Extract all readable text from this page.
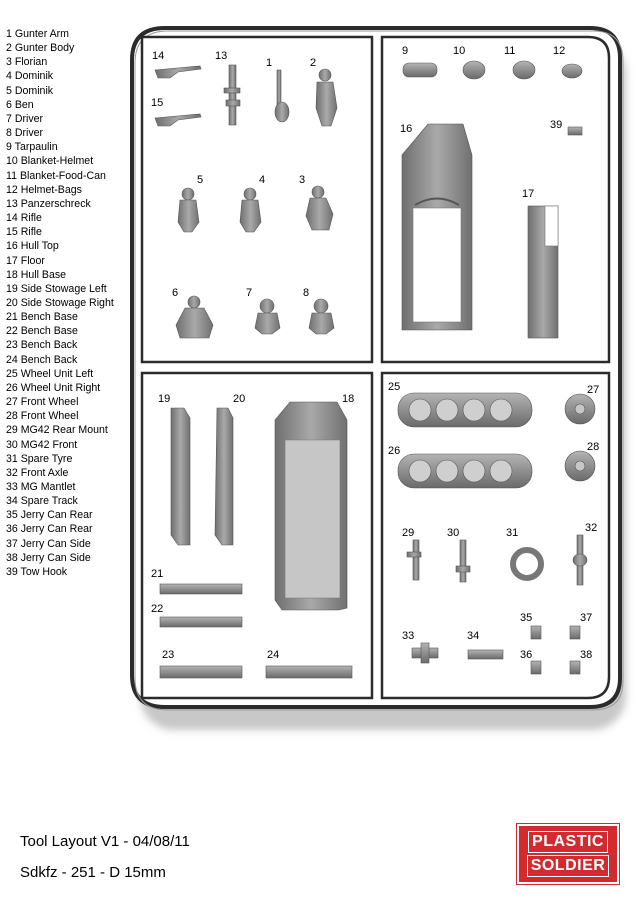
1 Gunter Arm
2 Gunter Body
3 Florian
4 Dominik
5 Dominik
6 Ben
7 Driver
8 Driver
9 Tarpaulin
10 Blanket-Helmet
11 Blanket-Food-Can
12 Helmet-Bags
13 Panzerschreck
14 Rifle
15 Rifle
16 Hull Top
17 Floor
18 Hull Base
19 Side Stowage Left
20 Side Stowage Right
21 Bench Base
22 Bench Base
23 Bench Back
24 Bench Back
25 Wheel Unit Left
26 Wheel Unit Right
27 Front Wheel
28 Front Wheel
29 MG42 Rear Mount
30 MG42 Front
31 Spare Tyre
32 Front Axle
33 MG Mantlet
34 Spare Track
35 Jerry Can Rear
36 Jerry Can Rear
37 Jerry Can Side
38 Jerry Can Side
39 Tow Hook
14	13
1	2
15
5	4	3
6	7	8
9	10	11	12
16	39
17
19	20	18
21
22
23	24
25	27
26	28
29	30	31	32
35	37
33	34
36	38
Tool Layout V1 - 04/08/11
Sdkfz - 251 - D 15mm
PLASTIC
SOLDIER
